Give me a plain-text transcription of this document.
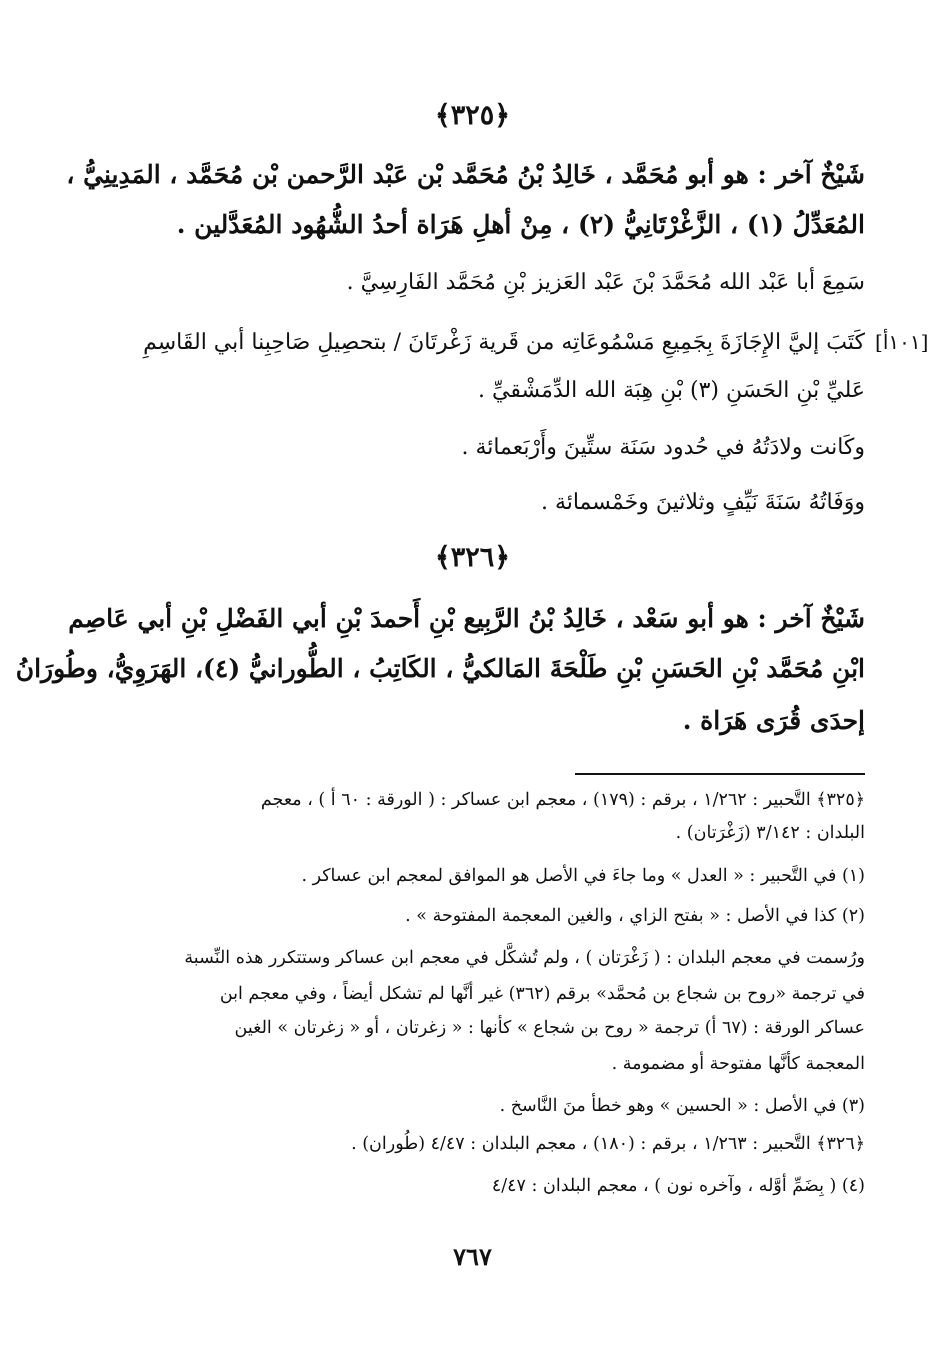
﴿٣٢٥﴾
شَيْخٌ آخر : هو أبو مُحَمَّد ، خَالِدُ بْنُ مُحَمَّد بْن عَبْد الرَّحمن بْن مُحَمَّد ، المَدِينِيُّ ،
المُعَدِّلُ (١) ، الزَّغْرْتَانِيُّ (٢) ، مِنْ أهلِ هَرَاة أحدُ الشُّهُود المُعَدَّلين .
سَمِعَ أبا عَبْد الله مُحَمَّدَ بْنَ عَبْد العَزيز بْنِ مُحَمَّد الفَارِسِيَّ .
[١٠١أ]
كَتَبَ إليَّ الإِجَازَةَ بِجَمِيعِ مَسْمُوعَاتِه من قَرية زَغْرتَانَ / بتحصِيلِ صَاحِبِنا أبي القَاسِمِ
عَليِّ بْنِ الحَسَنِ (٣) بْنِ هِبَة الله الدِّمَشْقيِّ .
وكَانت ولادَتُهُ في حُدود سَنَة ستِّينَ وأَرْبَعمائة .
ووَفَاتُهُ سَنَةَ نَيِّفٍ وثلاثينَ وخَمْسمائة .
﴿٣٢٦﴾
شَيْخٌ آخر : هو أبو سَعْد ، خَالِدُ بْنُ الرَّبِيع بْنِ أَحمدَ بْنِ أبي الفَضْلِ بْنِ أبي عَاصِم
ابْنِ مُحَمَّد بْنِ الحَسَنِ بْنِ طَلْحَةَ المَالكيُّ ، الكَاتِبُ ، الطُّورانيُّ (٤)، الهَرَوِيُّ، وطُورَانُ
إحدَى قُرَى هَرَاة .
﴿٣٢٥﴾ التَّحبير : ١/٢٦٢ ، برقم : (١٧٩) ، معجم ابن عساكر : ( الورقة : ٦٠ أ ) ، معجم
البلدان : ٣/١٤٢ (زَغْرَتان) .
(١) في التَّحبير : « العدل » وما جاءَ في الأصل هو الموافق لمعجم ابن عساكر .
(٢) كذا في الأصل : « بفتح الزاي ، والغين المعجمة المفتوحة » .
ورُسمت في معجم البلدان : ( زَغْرَتان ) ، ولم تُشكَّل في معجم ابن عساكر وستتكرر هذه النِّسبة
في ترجمة «روح بن شجاع بن مُحمَّد» برقم (٣٦٢) غير أنَّها لم تشكل أيضاً ، وفي معجم ابن
عساكر الورقة : (٦٧ أ) ترجمة « روح بن شجاع » كأنها : « زغرتان ، أو « زغرتان » الغين
المعجمة كأنَّها مفتوحة أو مضمومة .
(٣) في الأصل : « الحسين » وهو خطأ منَ النَّاسخ .
﴿٣٢٦﴾ التَّحبير : ١/٢٦٣ ، برقم : (١٨٠) ، معجم البلدان : ٤/٤٧ (طُوران) .
(٤) ( بِضَمِّ أوَّله ، وآخره نون ) ، معجم البلدان : ٤/٤٧
٧٦٧
